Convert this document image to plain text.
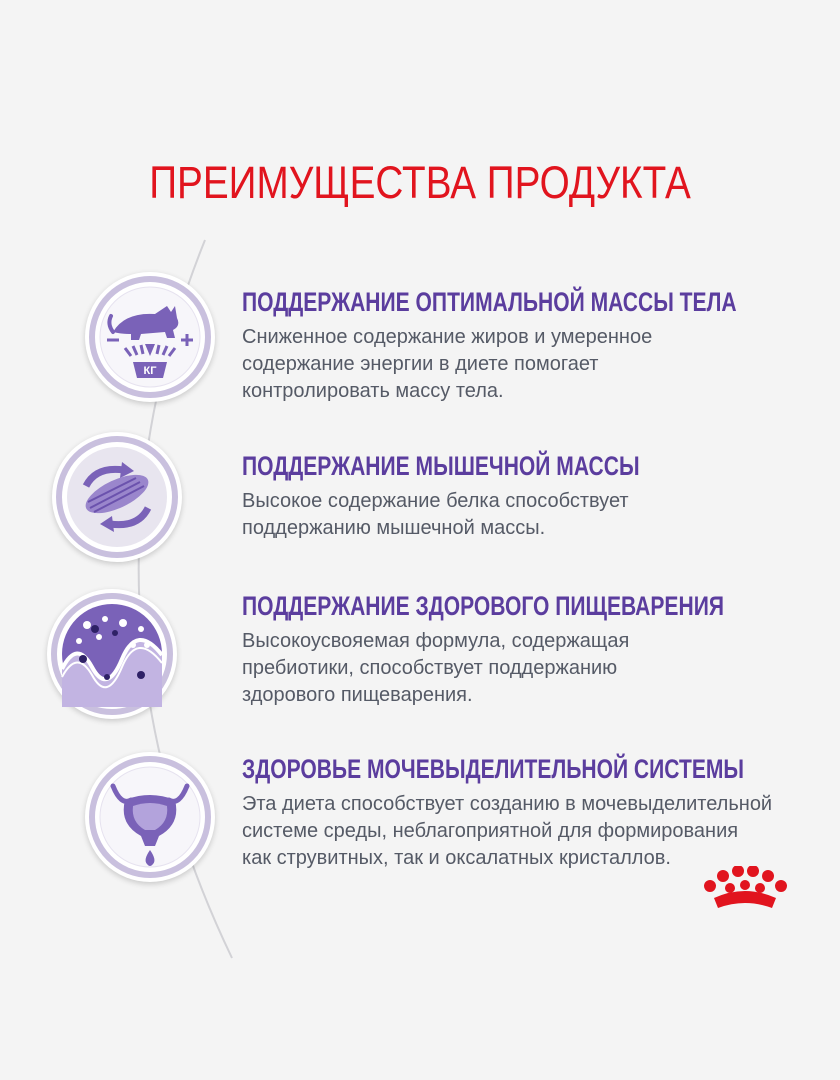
ПРЕИМУЩЕСТВА ПРОДУКТА
КГ
ПОДДЕРЖАНИЕ ОПТИМАЛЬНОЙ МАССЫ ТЕЛА
Сниженное содержание жиров и умеренное
содержание энергии в диете помогает
контролировать массу тела.
ПОДДЕРЖАНИЕ МЫШЕЧНОЙ МАССЫ
Высокое содержание белка способствует
поддержанию мышечной массы.
ПОДДЕРЖАНИЕ ЗДОРОВОГО ПИЩЕВАРЕНИЯ
Высокоусвояемая формула, содержащая
пребиотики, способствует поддержанию
здорового пищеварения.
ЗДОРОВЬЕ МОЧЕВЫДЕЛИТЕЛЬНОЙ СИСТЕМЫ
Эта диета способствует созданию в мочевыделительной
системе среды, неблагоприятной для формирования
как струвитных, так и оксалатных кристаллов.
